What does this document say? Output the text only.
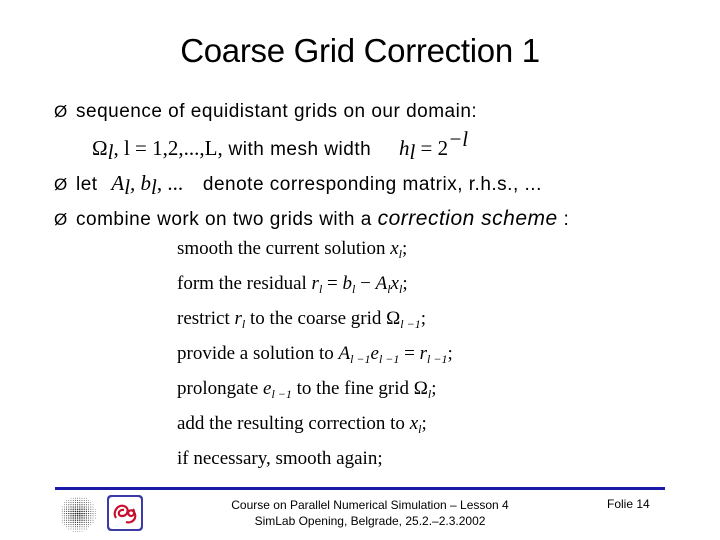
Coarse Grid Correction 1
Ø sequence of equidistant grids on our domain:
$\Omega_l$, l = 1,2,...,L, with mesh width $h_l = 2^{-l}$
Ø let $A_l$, $b_l$, ... denote corresponding matrix, r.h.s., ...
Ø combine work on two grids with a correction scheme :
smooth the current solution $x_l$;
form the residual $r_l = b_l - A_lx_l$;
restrict $r_l$ to the coarse grid $\Omega_{l -1}$;
provide a solution to $A_{l -1}e_{l -1} = r_{l -1}$;
prolongate $e_{l -1}$ to the fine grid $\Omega_l$;
add the resulting correction to $x_l$;
if necessary, smooth again;
Course on Parallel Numerical Simulation – Lesson 4
SimLab Opening, Belgrade, 25.2.–2.3.2002
Folie 14
